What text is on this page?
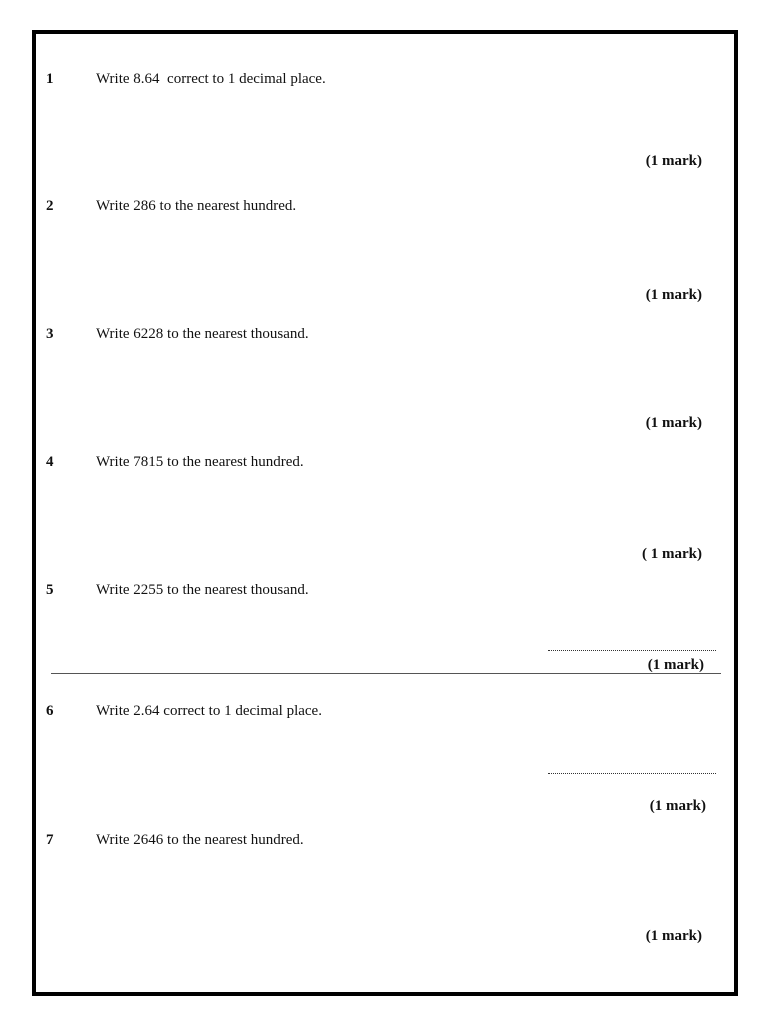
1	Write 8.64  correct to 1 decimal place.
(1 mark)
2	Write 286 to the nearest hundred.
(1 mark)
3	Write 6228 to the nearest thousand.
(1 mark)
4	Write 7815 to the nearest hundred.
( 1 mark)
5	Write 2255 to the nearest thousand.
(1 mark)
6	Write 2.64 correct to 1 decimal place.
(1 mark)
7	Write 2646 to the nearest hundred.
(1 mark)
